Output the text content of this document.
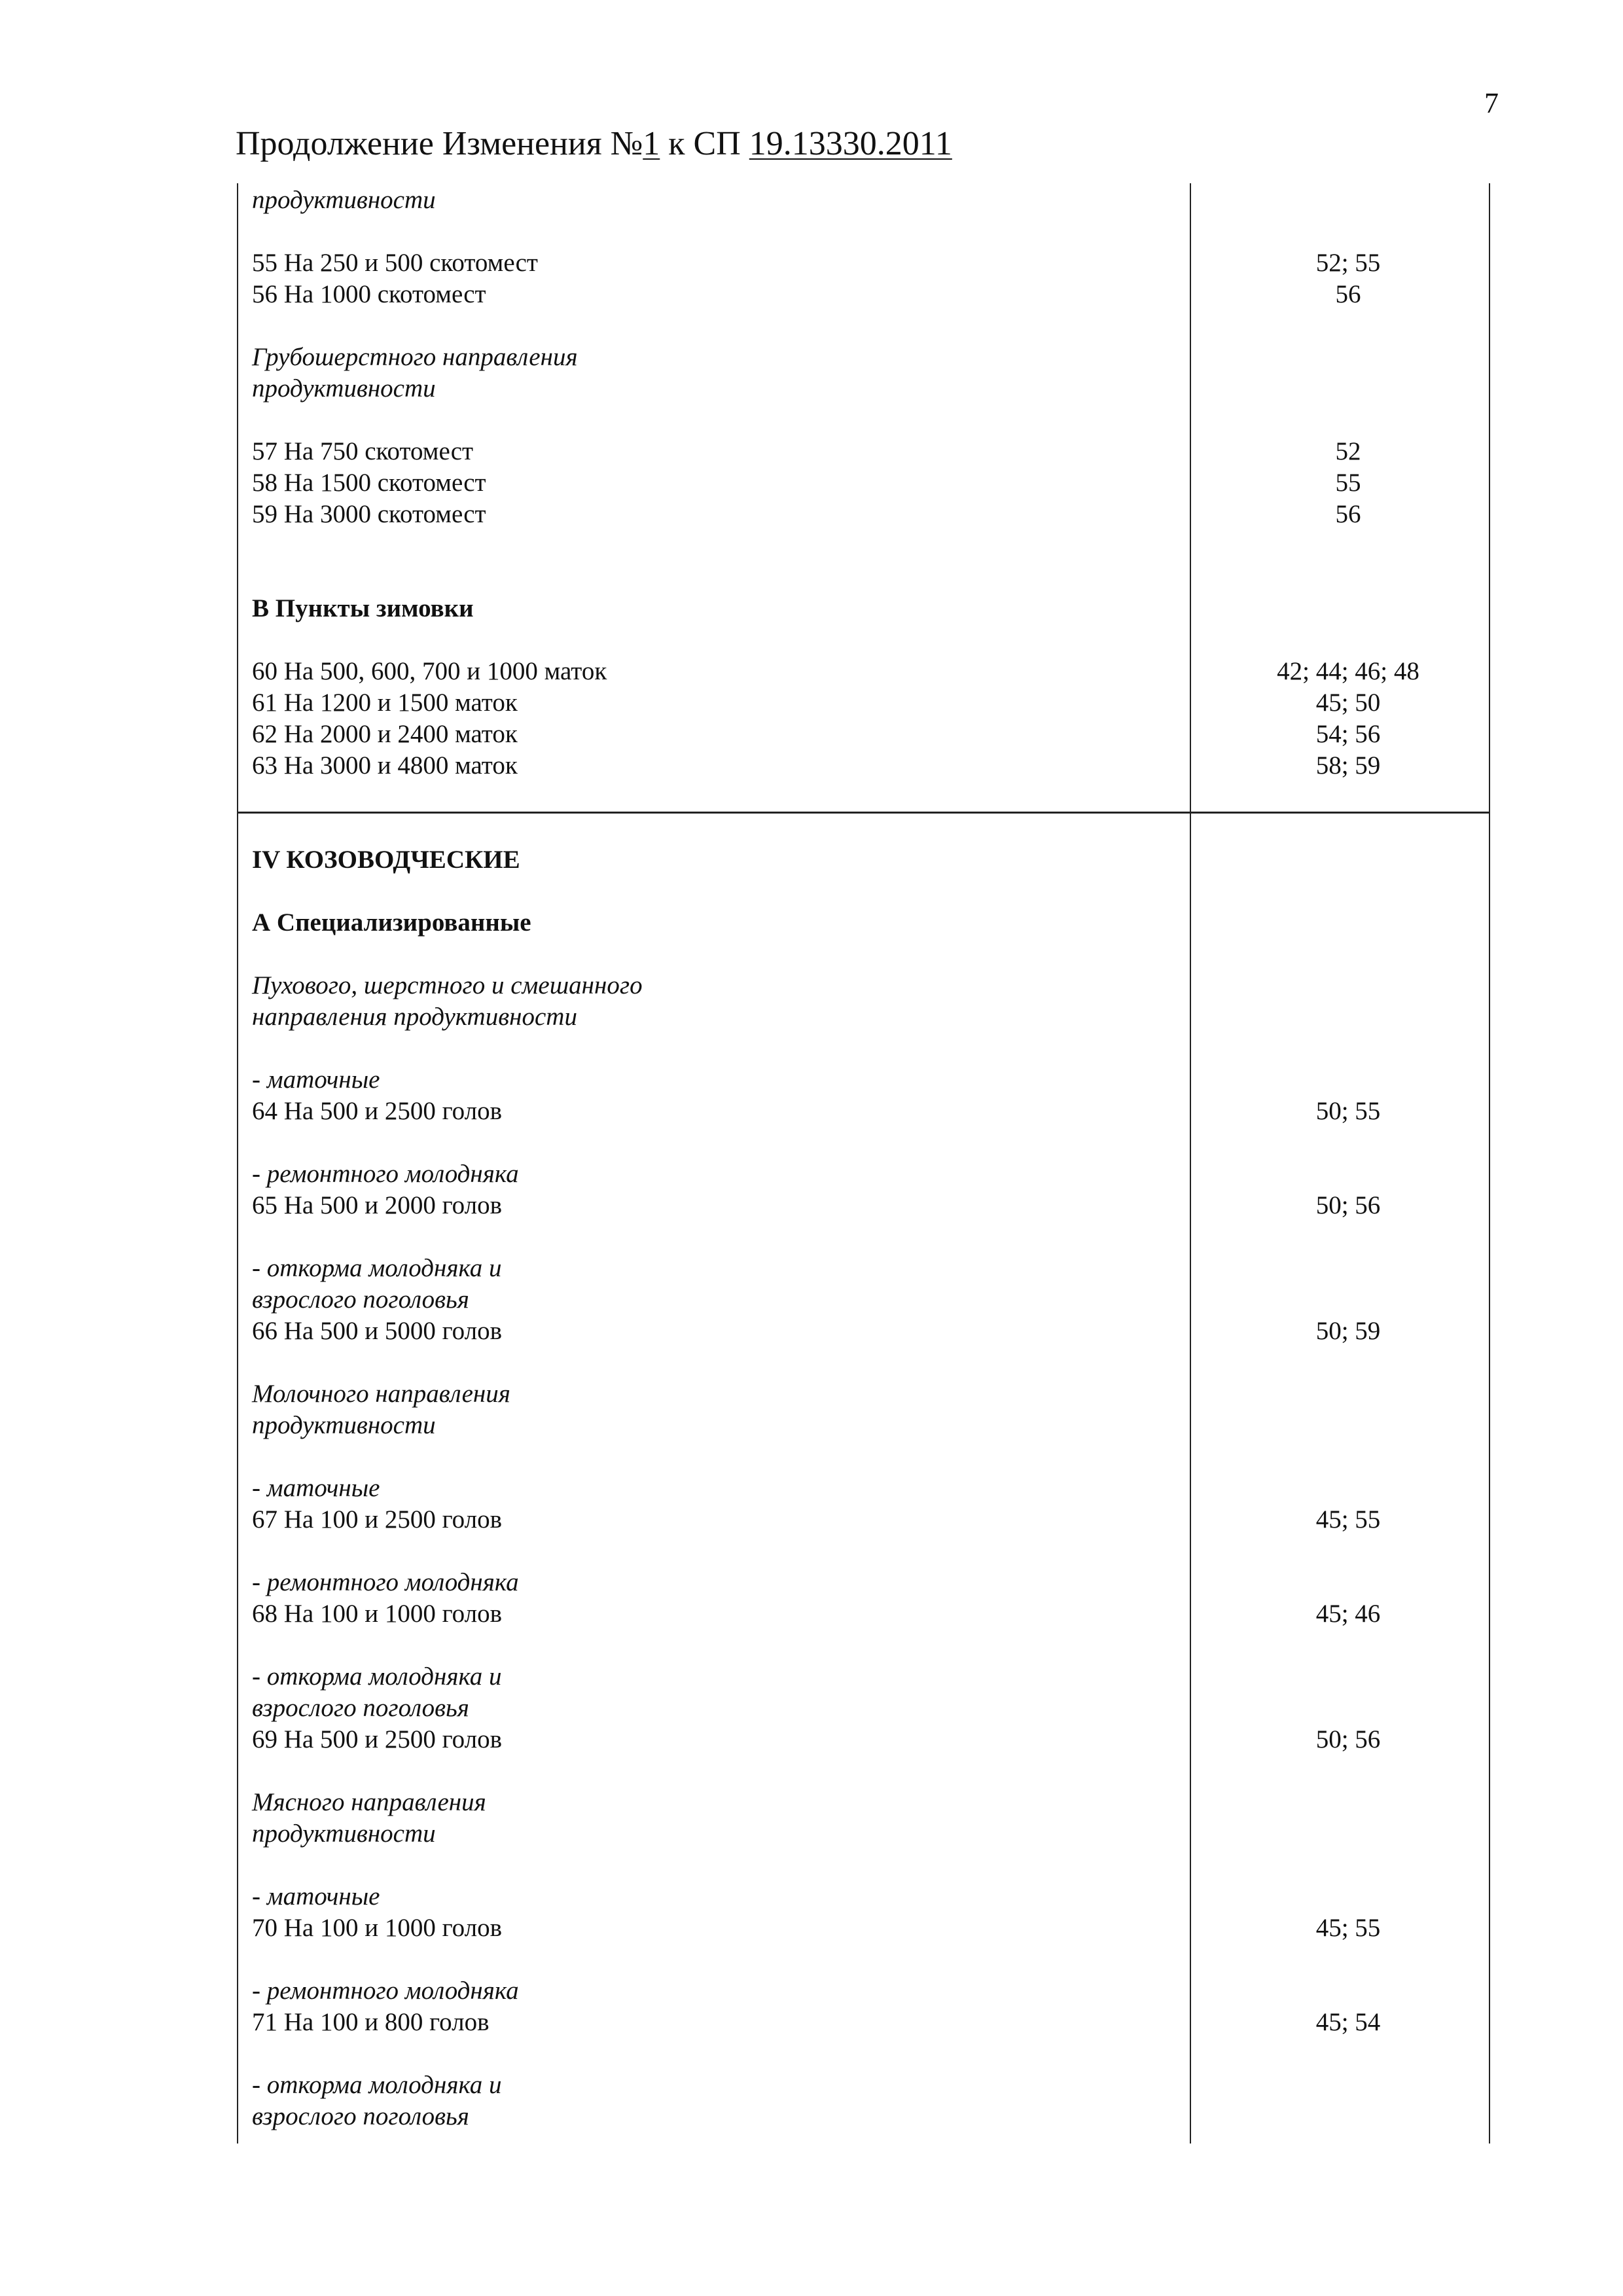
7
Продолжение Изменения №1 к СП 19.13330.2011
продуктивности
55 На 250 и 500 скотомест	52; 55
56 На 1000 скотомест	56
Грубошерстного направления
продуктивности
57 На 750 скотомест	52
58 На 1500 скотомест	55
59 На 3000 скотомест	56
В Пункты зимовки
60 На 500, 600, 700 и 1000 маток	42; 44; 46; 48
61 На 1200 и 1500 маток	45; 50
62 На 2000 и 2400 маток	54; 56
63 На 3000 и 4800 маток	58; 59
IV КОЗОВОДЧЕСКИЕ
А Специализированные
Пухового, шерстного и смешанного
направления продуктивности
- маточные
64 На 500 и 2500 голов	50; 55
- ремонтного молодняка
65 На 500 и 2000 голов	50; 56
- откорма молодняка и
взрослого поголовья
66 На 500 и 5000 голов	50; 59
Молочного направления
продуктивности
- маточные
67 На 100 и 2500 голов	45; 55
- ремонтного молодняка
68 На 100 и 1000 голов	45; 46
- откорма молодняка и
взрослого поголовья
69 На 500 и 2500 голов	50; 56
Мясного направления
продуктивности
- маточные
70 На 100 и 1000 голов	45; 55
- ремонтного молодняка
71 На 100 и 800 голов	45; 54
- откорма молодняка и
взрослого поголовья
